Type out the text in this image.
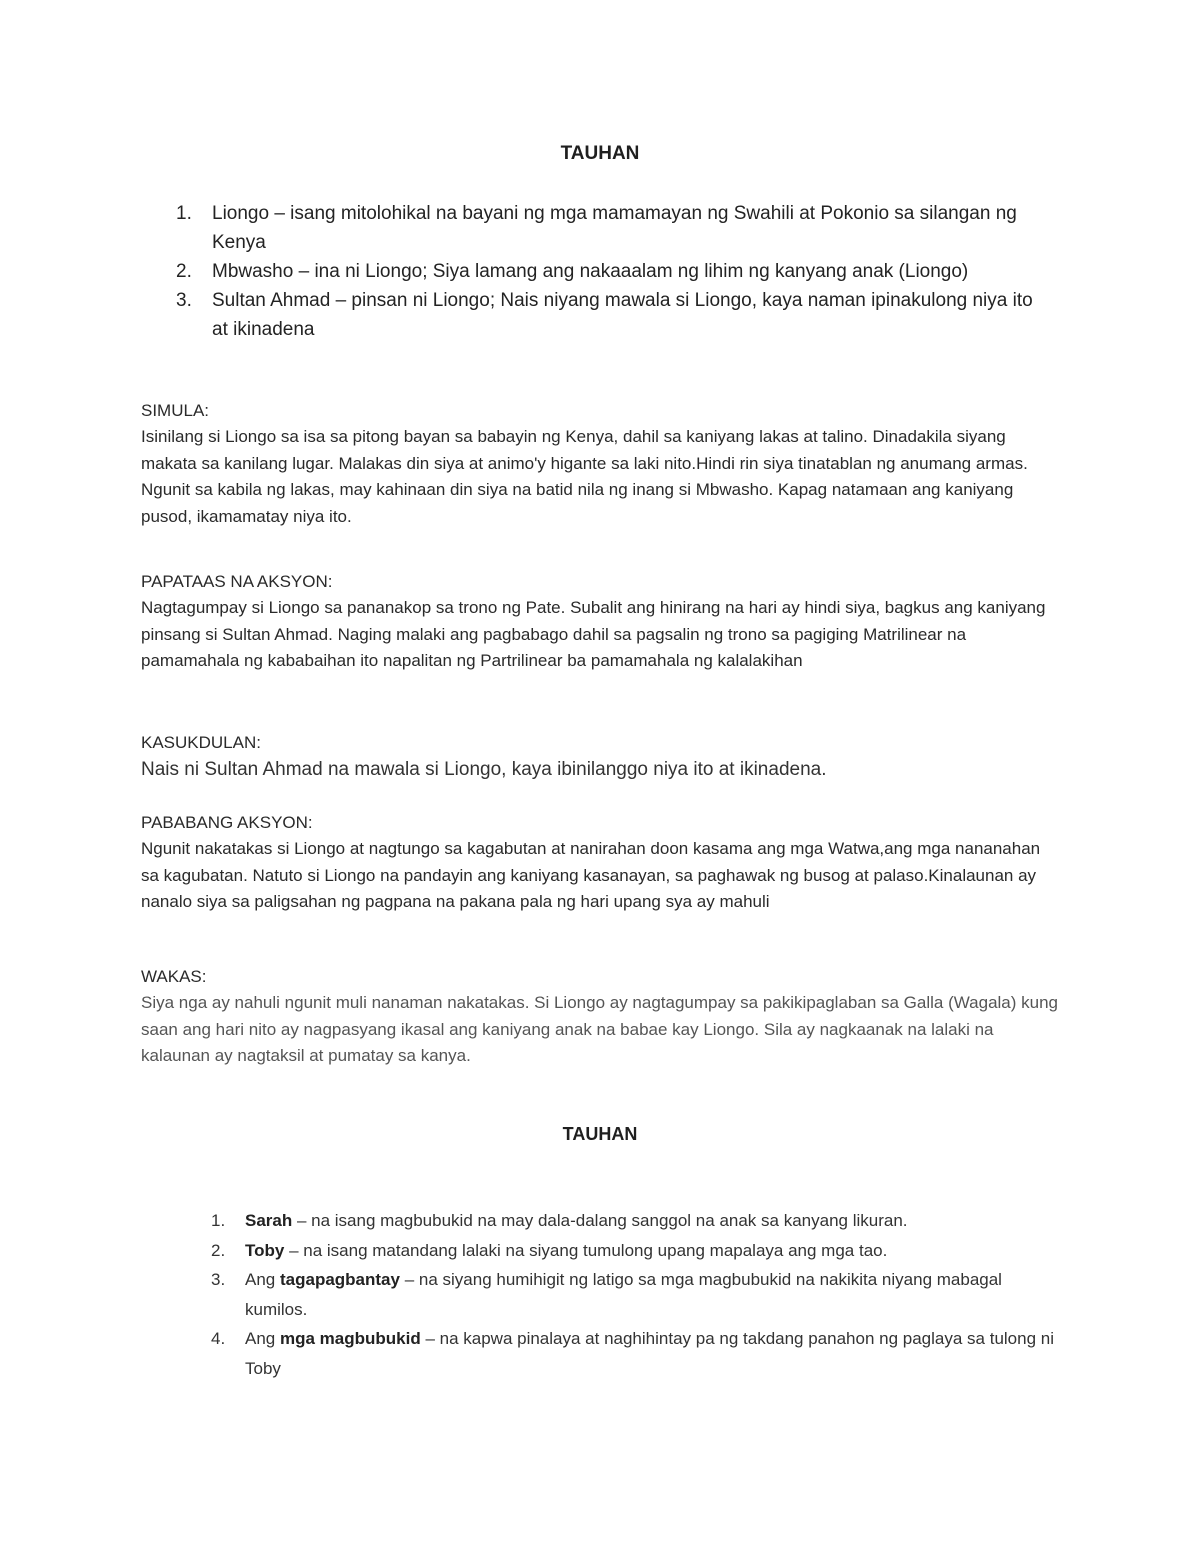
TAUHAN
1. Liongo – isang mitolohikal na bayani ng mga mamamayan ng Swahili at Pokonio sa silangan ng Kenya
2. Mbwasho – ina ni Liongo; Siya lamang ang nakaaalam ng lihim ng kanyang anak (Liongo)
3. Sultan Ahmad – pinsan ni Liongo; Nais niyang mawala si Liongo, kaya naman ipinakulong niya ito at ikinadena
SIMULA:

Isinilang si Liongo sa isa sa pitong bayan sa babayin ng Kenya, dahil sa kaniyang lakas at talino. Dinadakila siyang makata sa kanilang lugar. Malakas din siya at animo'y higante sa laki nito.Hindi rin siya tinatablan ng anumang armas. Ngunit sa kabila ng lakas, may kahinaan din siya na batid nila ng inang si Mbwasho. Kapag natamaan ang kaniyang pusod, ikamamatay niya ito.

PAPATAAS NA AKSYON:

Nagtagumpay si Liongo sa pananakop sa trono ng Pate. Subalit ang hinirang na hari ay hindi siya, bagkus ang kaniyang pinsang si Sultan Ahmad. Naging malaki ang pagbabago dahil sa pagsalin ng trono sa pagiging Matrilinear na pamamahala ng kababaihan ito napalitan ng Partrilinear ba pamamahala ng kalalakihan

KASUKDULAN:

Nais ni Sultan Ahmad na mawala si Liongo, kaya ibinilanggo niya ito at ikinadena.

PABABANG AKSYON:

Ngunit nakatakas si Liongo at nagtungo sa kagabutan at nanirahan doon kasama ang mga Watwa,ang mga nananahan sa kagubatan. Natuto si Liongo na pandayin ang kaniyang kasanayan, sa paghawak ng busog at palaso.Kinalaunan ay nanalo siya sa paligsahan ng pagpana na pakana pala ng hari upang sya ay mahuli

WAKAS:

Siya nga ay nahuli ngunit muli nanaman nakatakas. Si Liongo ay nagtagumpay sa pakikipaglaban sa Galla (Wagala) kung saan ang hari nito ay nagpasyang ikasal ang kaniyang anak na babae kay Liongo. Sila ay nagkaanak na lalaki na kalaunan ay nagtaksil at pumatay sa kanya.

TAUHAN
1. Sarah – na isang magbubukid na may dala-dalang sanggol na anak sa kanyang likuran.
2. Toby – na isang matandang lalaki na siyang tumulong upang mapalaya ang mga tao.
3. Ang tagapagbantay – na siyang humihigit ng latigo sa mga magbubukid na nakikita niyang mabagal kumilos.
4. Ang mga magbubukid – na kapwa pinalaya at naghihintay pa ng takdang panahon ng paglaya sa tulong ni Toby
